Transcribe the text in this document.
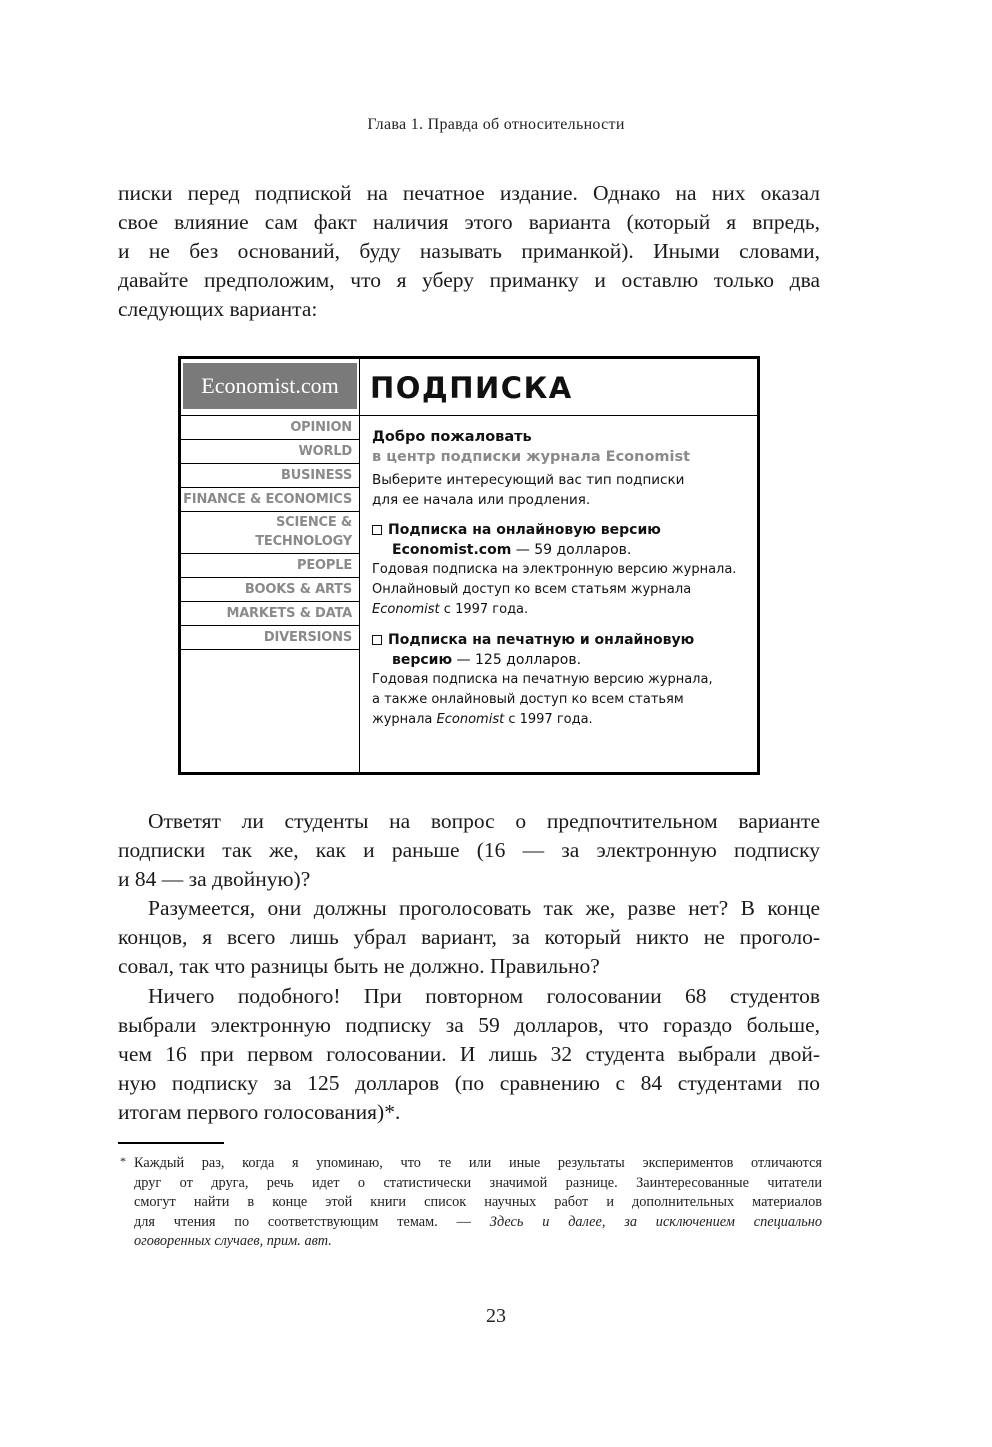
Глава 1. Правда об относительности
писки перед подпиской на печатное издание. Однако на них оказал
свое влияние сам факт наличия этого варианта (который я впредь,
и не без оснований, буду называть приманкой). Иными словами,
давайте предположим, что я уберу приманку и оставлю только два
следующих варианта:
Economist.com
OPINION
WORLD
BUSINESS
FINANCE & ECONOMICS
SCIENCE &
TECHNOLOGY
PEOPLE
BOOKS & ARTS
MARKETS & DATA
DIVERSIONS
ПОДПИСКА
Добро пожаловать
в центр подписки журнала Economist
Выберите интересующий вас тип подписки
для ее начала или продления.
Подписка на онлайновую версию
Economist.com — 59 долларов.
Годовая подписка на электронную версию журнала.
Онлайновый доступ ко всем статьям журнала
Economist с 1997 года.
Подписка на печатную и онлайновую
версию — 125 долларов.
Годовая подписка на печатную версию журнала,
а также онлайновый доступ ко всем статьям
журнала Economist с 1997 года.
Ответят ли студенты на вопрос о предпочтительном варианте
подписки так же, как и раньше (16 — за электронную подписку
и 84 — за двойную)?
Разумеется, они должны проголосовать так же, разве нет? В конце
концов, я всего лишь убрал вариант, за который никто не проголо-
совал, так что разницы быть не должно. Правильно?
Ничего подобного! При повторном голосовании 68 студентов
выбрали электронную подписку за 59 долларов, что гораздо больше,
чем 16 при первом голосовании. И лишь 32 студента выбрали двой-
ную подписку за 125 долларов (по сравнению с 84 студентами по
итогам первого голосования)*.
* Каждый раз, когда я упоминаю, что те или иные результаты экспериментов отличаются
друг от друга, речь идет о статистически значимой разнице. Заинтересованные читатели
смогут найти в конце этой книги список научных работ и дополнительных материалов
для чтения по соответствующим темам. — Здесь и далее, за исключением специально
оговоренных случаев, прим. авт.
23
